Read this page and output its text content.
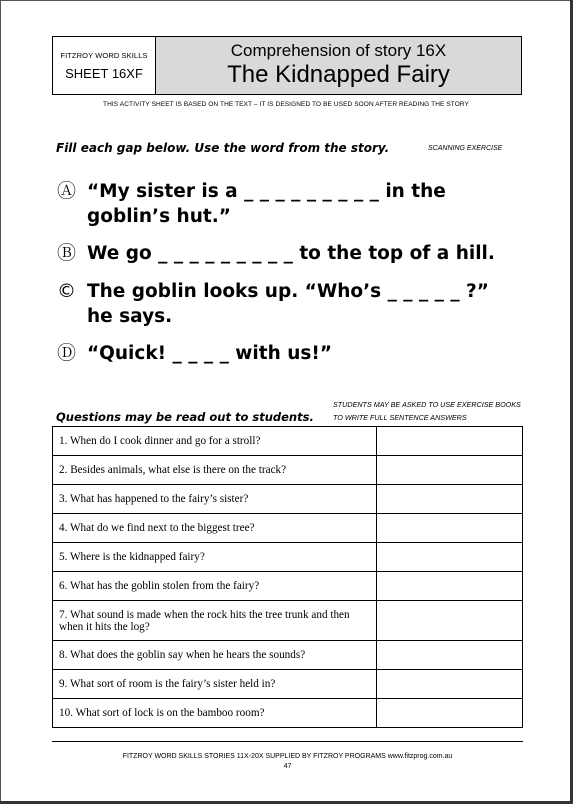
FITZROY WORD SKILLS
SHEET 16XF
Comprehension of story 16X
The Kidnapped Fairy
THIS ACTIVITY SHEET IS BASED ON THE TEXT – IT IS DESIGNED TO BE USED SOON AFTER READING THE STORY
Fill each gap below. Use the word from the story.	SCANNING EXERCISE
Ⓐ “My sister is a _ _ _ _ _ _ _ _ _ in the
goblin’s hut.”
Ⓑ We go _ _ _ _ _ _ _ _ _ to the top of a hill.
© The goblin looks up. “Who’s _ _ _ _ _ ?”
he says.
Ⓓ “Quick! _ _ _ _ with us!”
STUDENTS MAY BE ASKED TO USE EXERCISE BOOKS TO WRITE FULL SENTENCE ANSWERS
Questions may be read out to students.
1. When do I cook dinner and go for a stroll?	
2. Besides animals, what else is there on the track?	
3. What has happened to the fairy’s sister?	
4. What do we find next to the biggest tree?	
5. Where is the kidnapped fairy?	
6. What has the goblin stolen from the fairy?	
7. What sound is made when the rock hits the tree trunk and then when it hits the log?	
8. What does the goblin say when he hears the sounds?	
9. What sort of room is the fairy’s sister held in?	
10. What sort of lock is on the bamboo room?	
FITZROY WORD SKILLS STORIES 11X-20X SUPPLIED BY FITZROY PROGRAMS www.fitzprog.com.au
47
